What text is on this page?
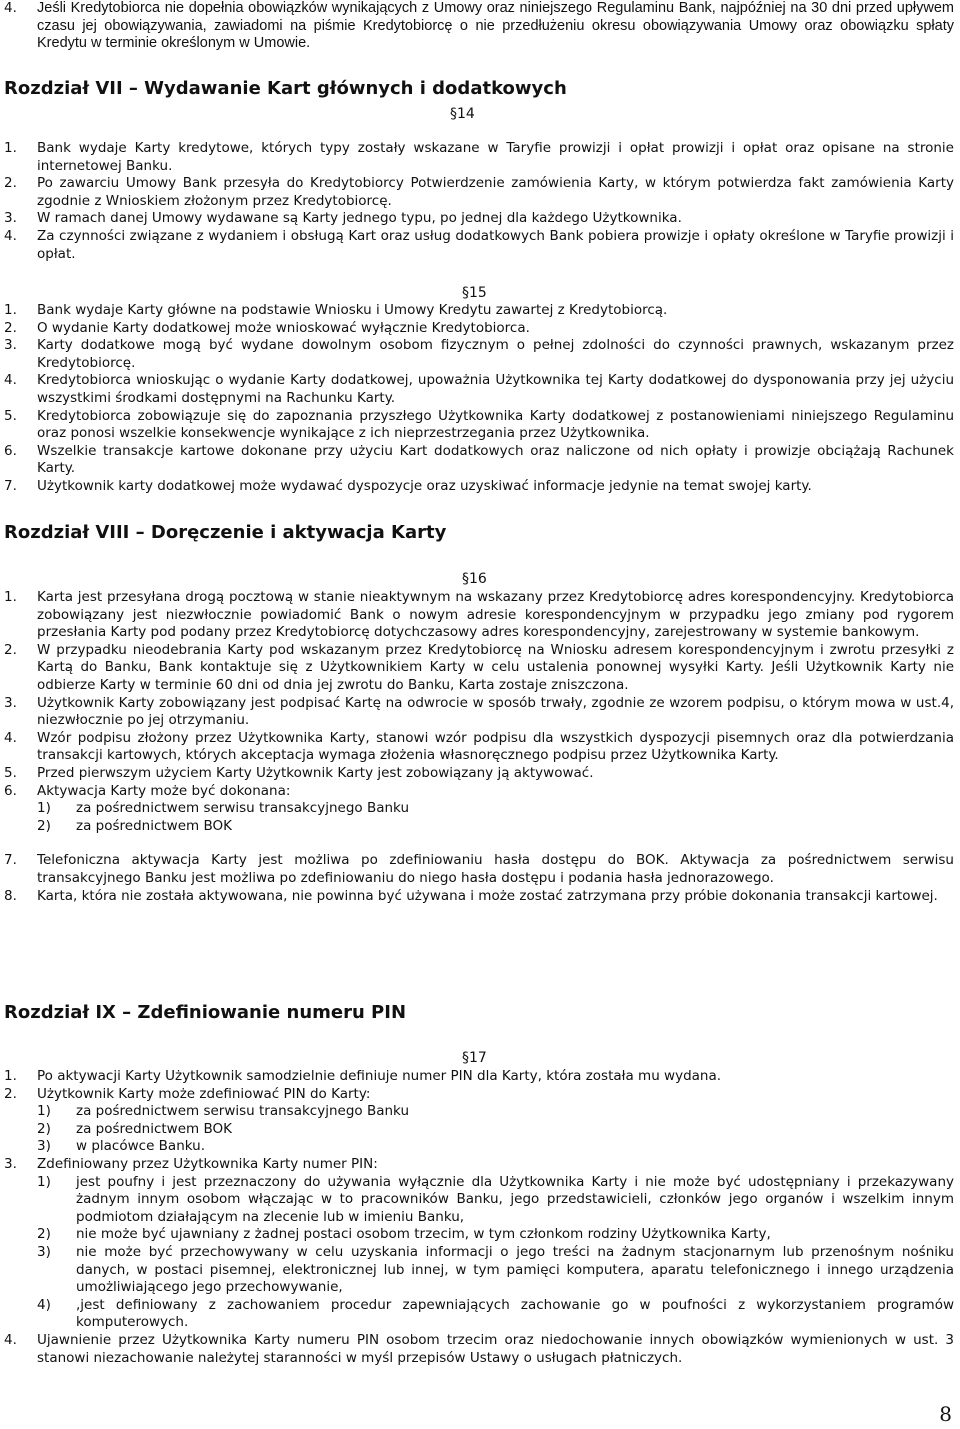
4.	Jeśli Kredytobiorca nie dopełnia obowiązków wynikających z Umowy oraz niniejszego Regulaminu Bank, najpóźniej na 30 dni przed upływem czasu jej obowiązywania, zawiadomi na piśmie Kredytobiorcę o nie przedłużeniu okresu obowiązywania Umowy oraz obowiązku spłaty Kredytu w terminie określonym w Umowie.
Rozdział VII – Wydawanie Kart głównych i dodatkowych
§14
1.	Bank wydaje Karty kredytowe, których typy zostały wskazane w Taryfie prowizji i opłat prowizji i opłat oraz opisane na stronie internetowej Banku.
2.	Po zawarciu Umowy Bank przesyła do Kredytobiorcy Potwierdzenie zamówienia Karty, w którym potwierdza fakt zamówienia Karty zgodnie z Wnioskiem złożonym przez Kredytobiorcę.
3.	W ramach danej Umowy wydawane są Karty jednego typu, po jednej dla każdego Użytkownika.
4.	Za czynności związane z wydaniem i obsługą Kart oraz usług dodatkowych Bank pobiera prowizje i opłaty określone w Taryfie prowizji i opłat.
§15
1.	Bank wydaje Karty główne na podstawie Wniosku i Umowy Kredytu zawartej z Kredytobiorcą.
2.	O wydanie Karty dodatkowej może wnioskować wyłącznie Kredytobiorca.
3.	Karty dodatkowe mogą być wydane dowolnym osobom fizycznym o pełnej zdolności do czynności prawnych, wskazanym przez Kredytobiorcę.
4.	Kredytobiorca wnioskując o wydanie Karty dodatkowej, upoważnia Użytkownika tej Karty dodatkowej do dysponowania przy jej użyciu wszystkimi środkami dostępnymi na Rachunku Karty.
5.	Kredytobiorca zobowiązuje się do zapoznania przyszłego Użytkownika Karty dodatkowej z postanowieniami niniejszego Regulaminu oraz ponosi wszelkie konsekwencje wynikające z ich nieprzestrzegania przez Użytkownika.
6.	Wszelkie transakcje kartowe dokonane przy użyciu Kart dodatkowych oraz naliczone od nich opłaty i prowizje obciążają Rachunek Karty.
7.	Użytkownik karty dodatkowej może wydawać dyspozycje oraz uzyskiwać informacje jedynie na temat swojej karty.
Rozdział VIII – Doręczenie i aktywacja Karty
§16
1.	Karta jest przesyłana drogą pocztową w stanie nieaktywnym na wskazany przez Kredytobiorcę adres korespondencyjny. Kredytobiorca zobowiązany jest niezwłocznie powiadomić Bank o nowym adresie korespondencyjnym w przypadku jego zmiany pod rygorem przesłania Karty pod podany przez Kredytobiorcę dotychczasowy adres korespondencyjny, zarejestrowany w systemie bankowym.
2.	W przypadku nieodebrania Karty pod wskazanym przez Kredytobiorcę na Wniosku adresem korespondencyjnym i zwrotu przesyłki z Kartą do Banku, Bank kontaktuje się z Użytkownikiem Karty w celu ustalenia ponownej wysyłki Karty. Jeśli Użytkownik Karty nie odbierze Karty w terminie 60 dni od dnia jej zwrotu do Banku, Karta zostaje zniszczona.
3.	Użytkownik Karty zobowiązany jest podpisać Kartę na odwrocie w sposób trwały, zgodnie ze wzorem podpisu, o którym mowa w ust.4, niezwłocznie po jej otrzymaniu.
4.	Wzór podpisu złożony przez Użytkownika Karty, stanowi wzór podpisu dla wszystkich dyspozycji pisemnych oraz dla potwierdzania transakcji kartowych, których akceptacja wymaga złożenia własnoręcznego podpisu przez Użytkownika Karty.
5.	Przed pierwszym użyciem Karty Użytkownik Karty jest zobowiązany ją aktywować.
6.	Aktywacja Karty może być dokonana:
1)	za pośrednictwem serwisu transakcyjnego Banku
2)	za pośrednictwem BOK
7.	Telefoniczna aktywacja Karty jest możliwa po zdefiniowaniu hasła dostępu do BOK. Aktywacja za pośrednictwem serwisu transakcyjnego Banku jest możliwa po zdefiniowaniu do niego hasła dostępu i podania hasła jednorazowego.
8.	Karta, która nie została aktywowana, nie powinna być używana i może zostać zatrzymana przy próbie dokonania transakcji kartowej.
Rozdział IX – Zdefiniowanie numeru PIN
§17
1.	Po aktywacji Karty Użytkownik samodzielnie definiuje numer PIN dla Karty, która została mu wydana.
2.	Użytkownik Karty może zdefiniować PIN do Karty:
1)	za pośrednictwem serwisu transakcyjnego Banku
2)	za pośrednictwem BOK
3)	w placówce Banku.
3.	Zdefiniowany przez Użytkownika Karty numer PIN:
1)	jest poufny i jest przeznaczony do używania wyłącznie dla Użytkownika Karty i nie może być udostępniany i przekazywany żadnym innym osobom włączając w to pracowników Banku, jego przedstawicieli, członków jego organów i wszelkim innym podmiotom działającym na zlecenie lub w imieniu Banku,
2)	nie może być ujawniany z żadnej postaci osobom trzecim, w tym członkom rodziny Użytkownika Karty,
3)	nie może być przechowywany w celu uzyskania informacji o jego treści na żadnym stacjonarnym lub przenośnym nośniku danych, w postaci pisemnej, elektronicznej lub innej, w tym pamięci komputera, aparatu telefonicznego i innego urządzenia umożliwiającego jego przechowywanie,
4)	,jest definiowany z zachowaniem procedur zapewniających zachowanie go w poufności z wykorzystaniem programów komputerowych.
4.	Ujawnienie przez Użytkownika Karty numeru PIN osobom trzecim oraz niedochowanie innych obowiązków wymienionych w ust. 3 stanowi niezachowanie należytej staranności w myśl przepisów Ustawy o usługach płatniczych.
8
